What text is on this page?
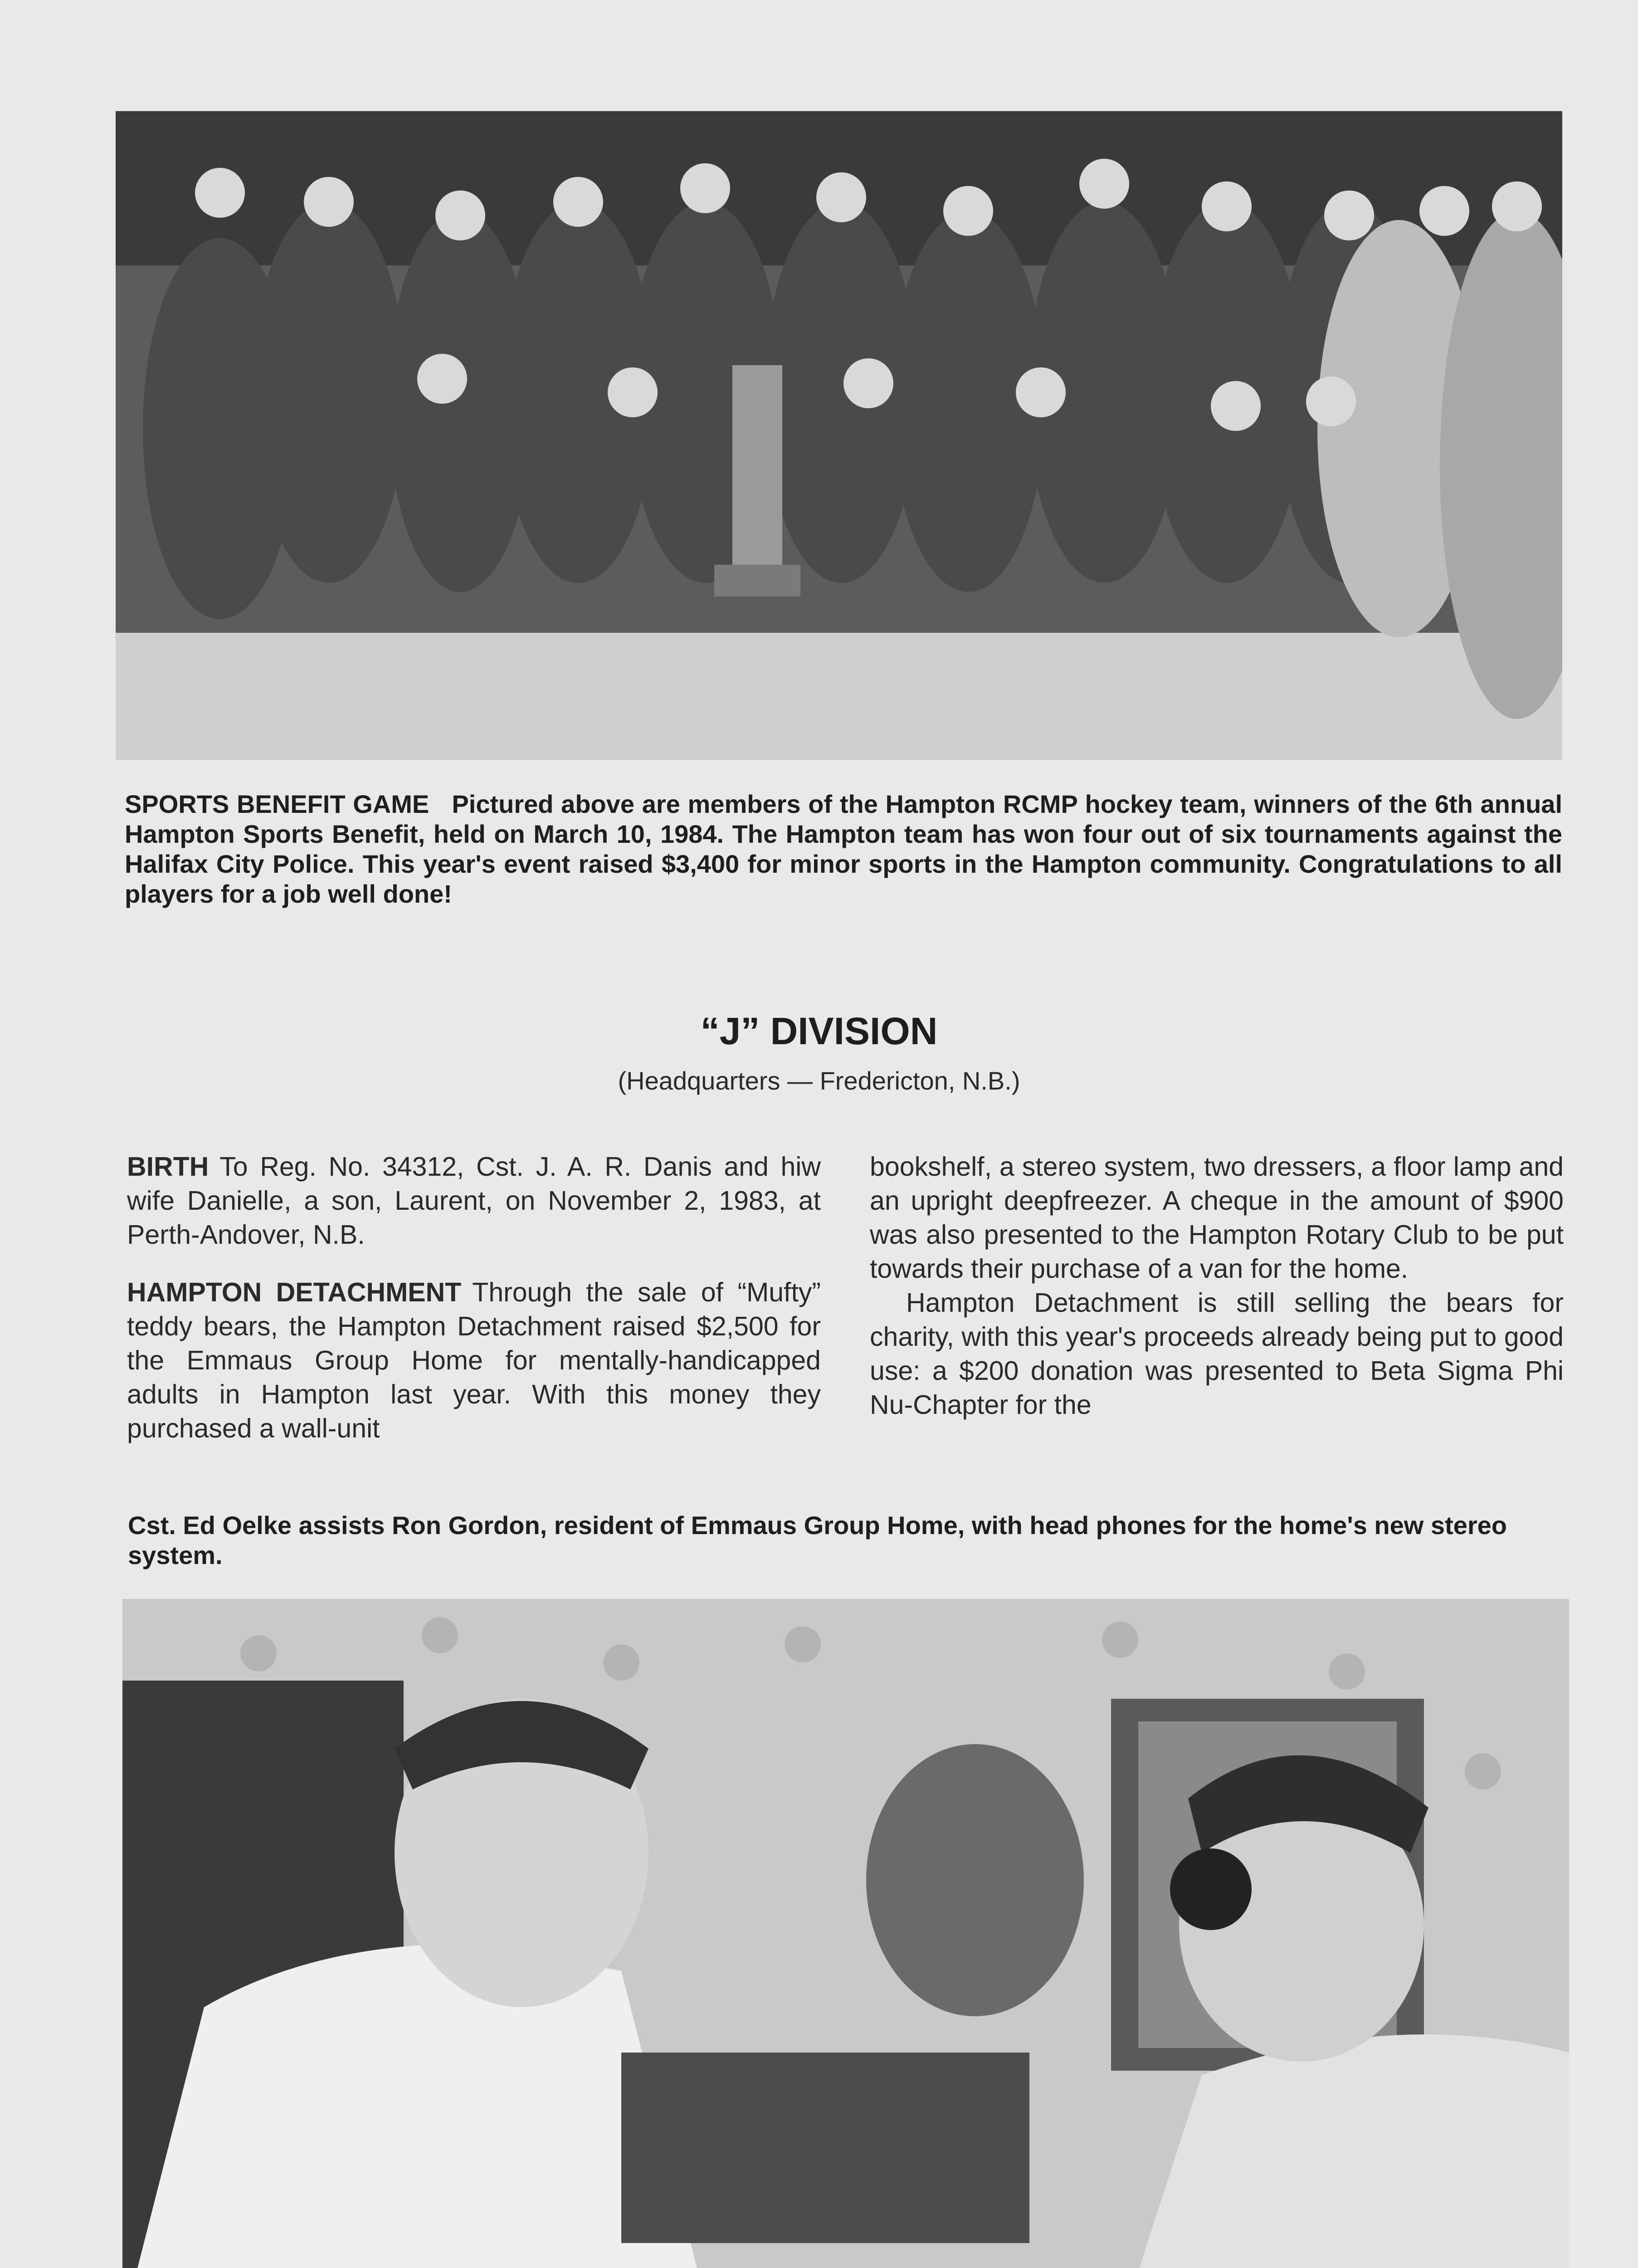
SPORTS BENEFIT GAME Pictured above are members of the Hampton RCMP hockey team, winners of the 6th annual Hampton Sports Benefit, held on March 10, 1984. The Hampton team has won four out of six tournaments against the Halifax City Police. This year's event raised $3,400 for minor sports in the Hampton community. Congratulations to all players for a job well done!

“J” DIVISION

(Headquarters — Fredericton, N.B.)

BIRTH To Reg. No. 34312, Cst. J. A. R. Danis and hiw wife Danielle, a son, Laurent, on November 2, 1983, at Perth-Andover, N.B.

HAMPTON DETACHMENT Through the sale of “Mufty” teddy bears, the Hampton Detachment raised $2,500 for the Emmaus Group Home for mentally-handicapped adults in Hampton last year. With this money they purchased a wall-unit

bookshelf, a stereo system, two dressers, a floor lamp and an upright deepfreezer. A cheque in the amount of $900 was also presented to the Hampton Rotary Club to be put towards their purchase of a van for the home.

Hampton Detachment is still selling the bears for charity, with this year's proceeds already being put to good use: a $200 donation was presented to Beta Sigma Phi Nu-Chapter for the

Cst. Ed Oelke assists Ron Gordon, resident of Emmaus Group Home, with head phones for the home's new stereo system.
